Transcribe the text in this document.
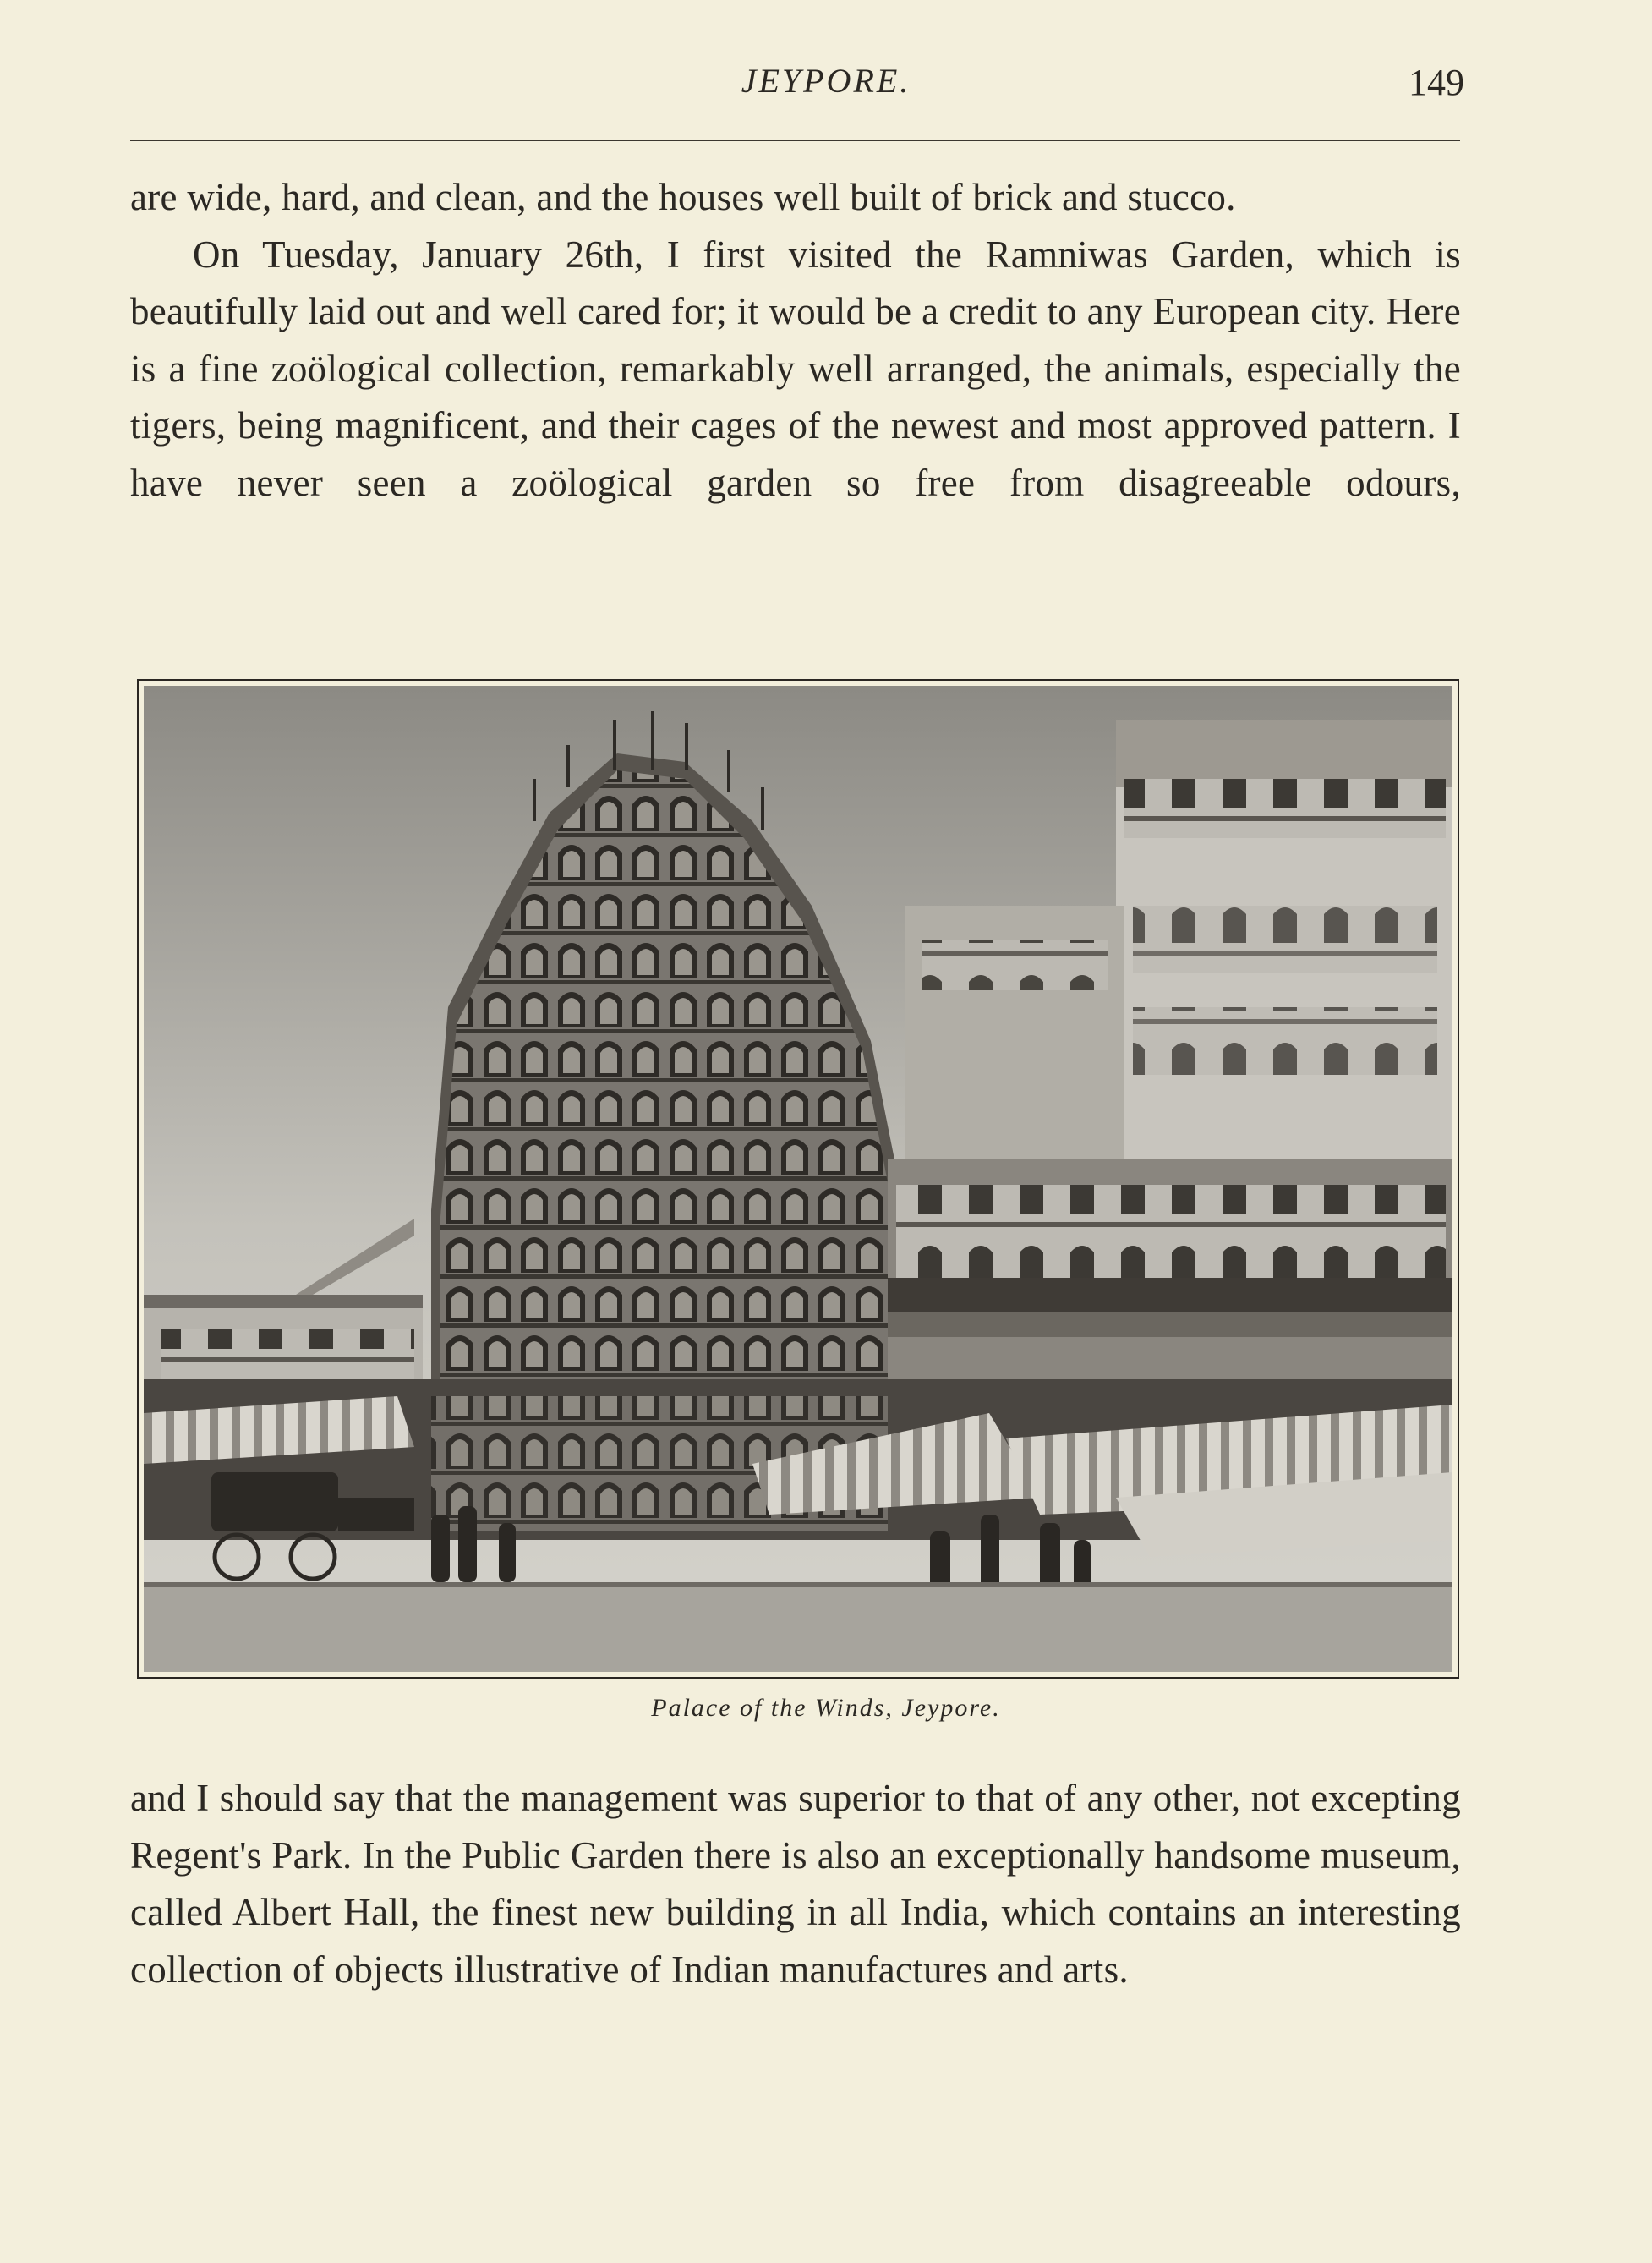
JEYPORE.	149

are wide, hard, and clean, and the houses well built of brick and stucco.

On Tuesday, January 26th, I first visited the Ramniwas Garden, which is beautifully laid out and well cared for; it would be a credit to any European city. Here is a fine zoölogical collection, remarkably well arranged, the animals, especially the tigers, being magnificent, and their cages of the newest and most approved pattern. I have never seen a zoölogical garden so free from disagreeable odours,

Palace of the Winds, Jeypore.

and I should say that the management was superior to that of any other, not excepting Regent's Park. In the Public Garden there is also an exceptionally handsome museum, called Albert Hall, the finest new building in all India, which contains an interesting collection of objects illustrative of Indian manufactures and arts.
